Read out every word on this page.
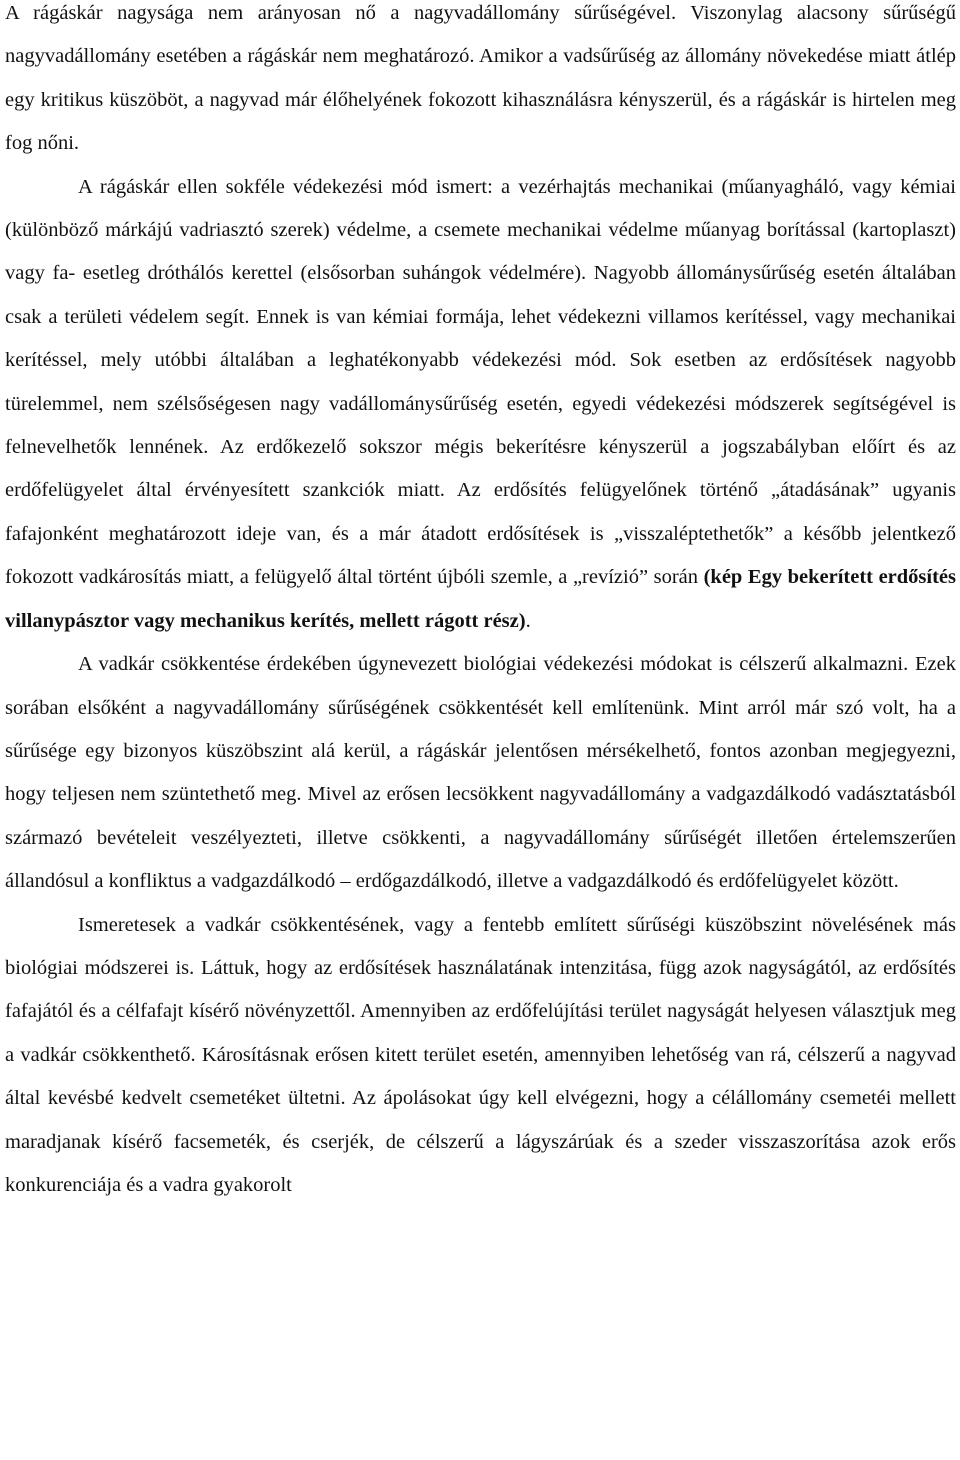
A rágáskár nagysága nem arányosan nő a nagyvadállomány sűrűségével. Viszonylag alacsony sűrűségű nagyvadállomány esetében a rágáskár nem meghatározó. Amikor a vadsűrűség az állomány növekedése miatt átlép egy kritikus küszöböt, a nagyvad már élőhelyének fokozott kihasználásra kényszerül, és a rágáskár is hirtelen meg fog nőni.

A rágáskár ellen sokféle védekezési mód ismert: a vezérhajtás mechanikai (műanyagháló, vagy kémiai (különböző márkájú vadriasztó szerek) védelme, a csemete mechanikai védelme műanyag borítással (kartoplaszt) vagy fa- esetleg dróthálós kerettel (elsősorban suhángok védelmére). Nagyobb állománysűrűség esetén általában csak a területi védelem segít. Ennek is van kémiai formája, lehet védekezni villamos kerítéssel, vagy mechanikai kerítéssel, mely utóbbi általában a leghatékonyabb védekezési mód. Sok esetben az erdősítések nagyobb türelemmel, nem szélsőségesen nagy vadállománysűrűség esetén, egyedi védekezési módszerek segítségével is felnevelhetők lennének. Az erdőkezelő sokszor mégis bekerítésre kényszerül a jogszabályban előírt és az erdőfelügyelet által érvényesített szankciók miatt. Az erdősítés felügyelőnek történő „átadásának” ugyanis fafajonként meghatározott ideje van, és a már átadott erdősítések is „visszaléptethetők” a később jelentkező fokozott vadkárosítás miatt, a felügyelő által történt újbóli szemle, a „revízió” során (kép Egy bekerített erdősítés villanypásztor vagy mechanikus kerítés, mellett rágott rész).

A vadkár csökkentése érdekében úgynevezett biológiai védekezési módokat is célszerű alkalmazni. Ezek sorában elsőként a nagyvadállomány sűrűségének csökkentését kell említenünk. Mint arról már szó volt, ha a sűrűsége egy bizonyos küszöbszint alá kerül, a rágáskár jelentősen mérsékelhető, fontos azonban megjegyezni, hogy teljesen nem szüntethető meg. Mivel az erősen lecsökkent nagyvadállomány a vadgazdálkodó vadásztatásból származó bevételeit veszélyezteti, illetve csökkenti, a nagyvadállomány sűrűségét illetően értelemszerűen állandósul a konfliktus a vadgazdálkodó – erdőgazdálkodó, illetve a vadgazdálkodó és erdőfelügyelet között.

Ismeretesek a vadkár csökkentésének, vagy a fentebb említett sűrűségi küszöbszint növelésének más biológiai módszerei is. Láttuk, hogy az erdősítések használatának intenzitása, függ azok nagyságától, az erdősítés fafajától és a célfafajt kísérő növényzettől. Amennyiben az erdőfelújítási terület nagyságát helyesen választjuk meg a vadkár csökkenthető. Károsításnak erősen kitett terület esetén, amennyiben lehetőség van rá, célszerű a nagyvad által kevésbé kedvelt csemetéket ültetni. Az ápolásokat úgy kell elvégezni, hogy a célállomány csemetéi mellett maradjanak kísérő facsemeték, és cserjék, de célszerű a lágyszárúak és a szeder visszaszorítása azok erős konkurenciája és a vadra gyakorolt
